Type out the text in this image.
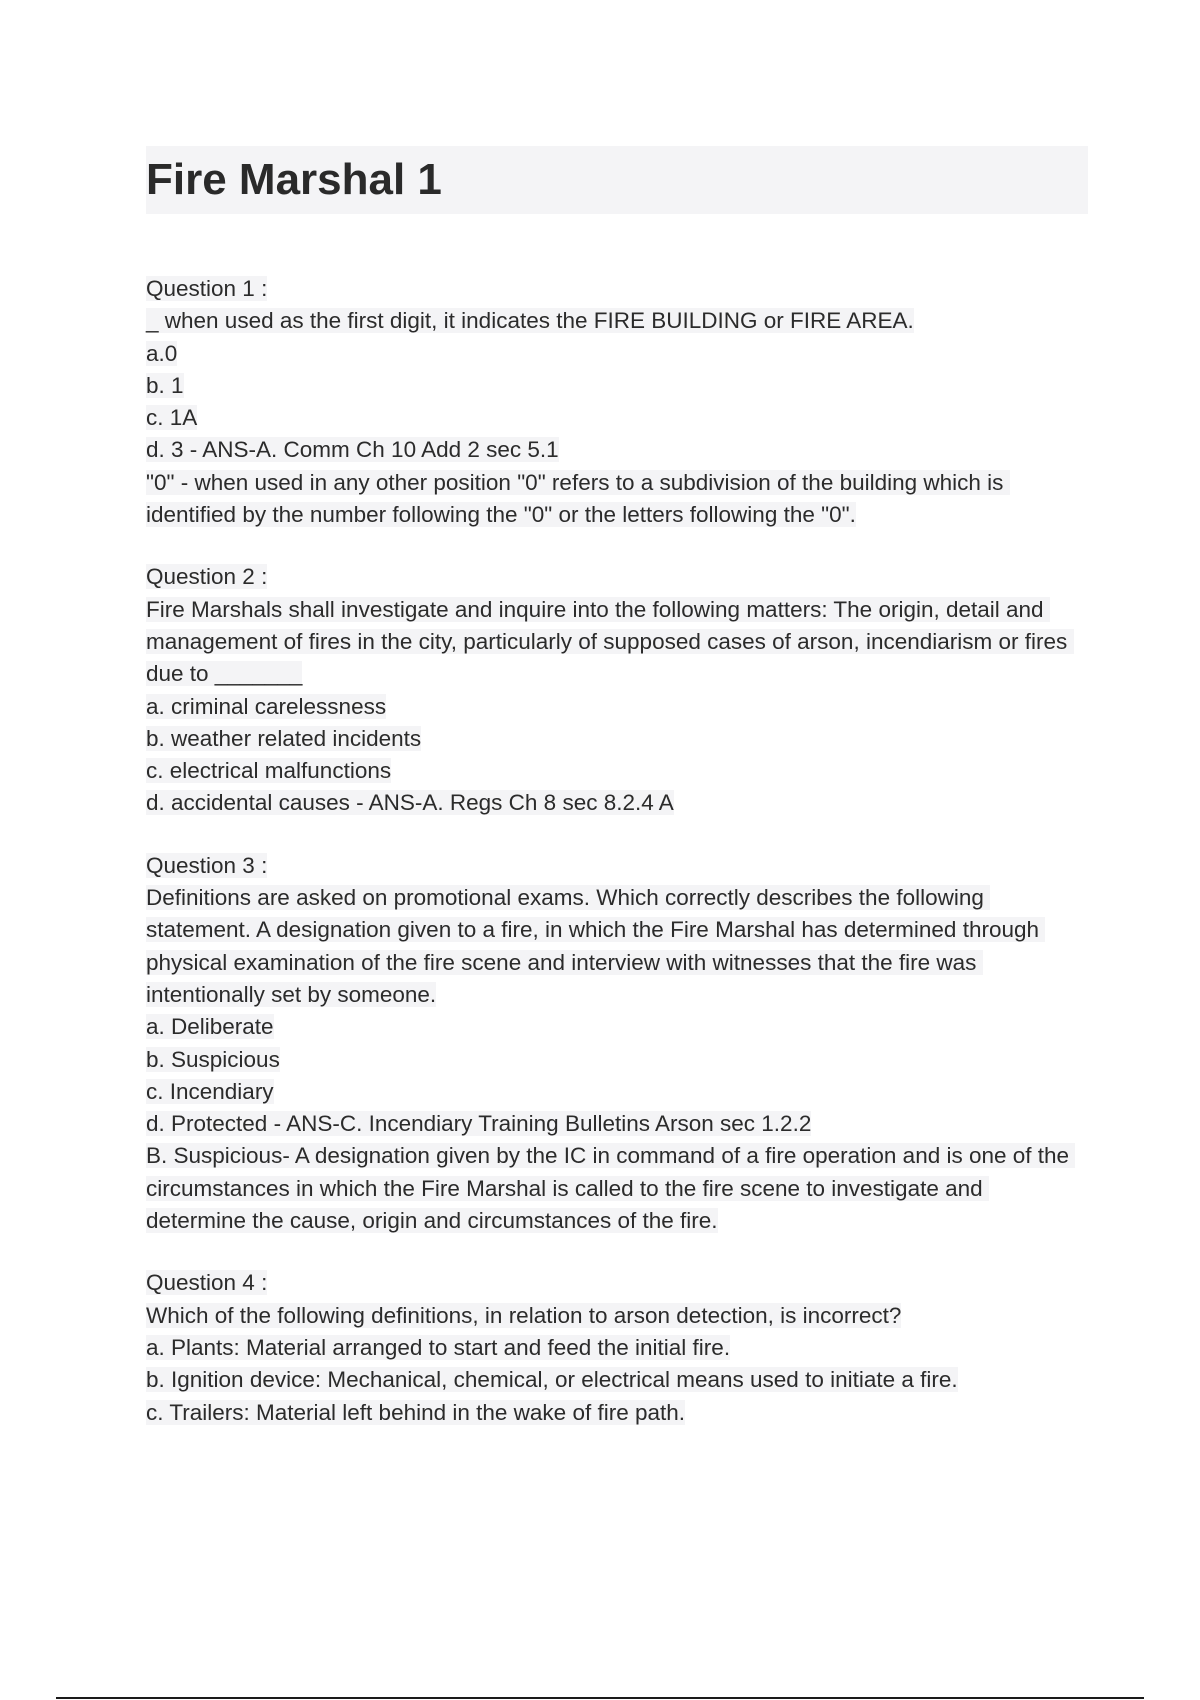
Fire Marshal 1
Question 1 :
_ when used as the first digit, it indicates the FIRE BUILDING or FIRE AREA.
a.0
b. 1
c. 1A
d. 3 - ANS-A. Comm Ch 10 Add 2 sec 5.1
"0" - when used in any other position "0" refers to a subdivision of the building which is identified by the number following the "0" or the letters following the "0".
Question 2 :
Fire Marshals shall investigate and inquire into the following matters: The origin, detail and management of fires in the city, particularly of supposed cases of arson, incendiarism or fires due to _______
a. criminal carelessness
b. weather related incidents
c. electrical malfunctions
d. accidental causes - ANS-A. Regs Ch 8 sec 8.2.4 A
Question 3 :
Definitions are asked on promotional exams. Which correctly describes the following statement. A designation given to a fire, in which the Fire Marshal has determined through physical examination of the fire scene and interview with witnesses that the fire was intentionally set by someone.
a. Deliberate
b. Suspicious
c. Incendiary
d. Protected - ANS-C. Incendiary Training Bulletins Arson sec 1.2.2
B. Suspicious- A designation given by the IC in command of a fire operation and is one of the circumstances in which the Fire Marshal is called to the fire scene to investigate and determine the cause, origin and circumstances of the fire.
Question 4 :
Which of the following definitions, in relation to arson detection, is incorrect?
a. Plants: Material arranged to start and feed the initial fire.
b. Ignition device: Mechanical, chemical, or electrical means used to initiate a fire.
c. Trailers: Material left behind in the wake of fire path.
